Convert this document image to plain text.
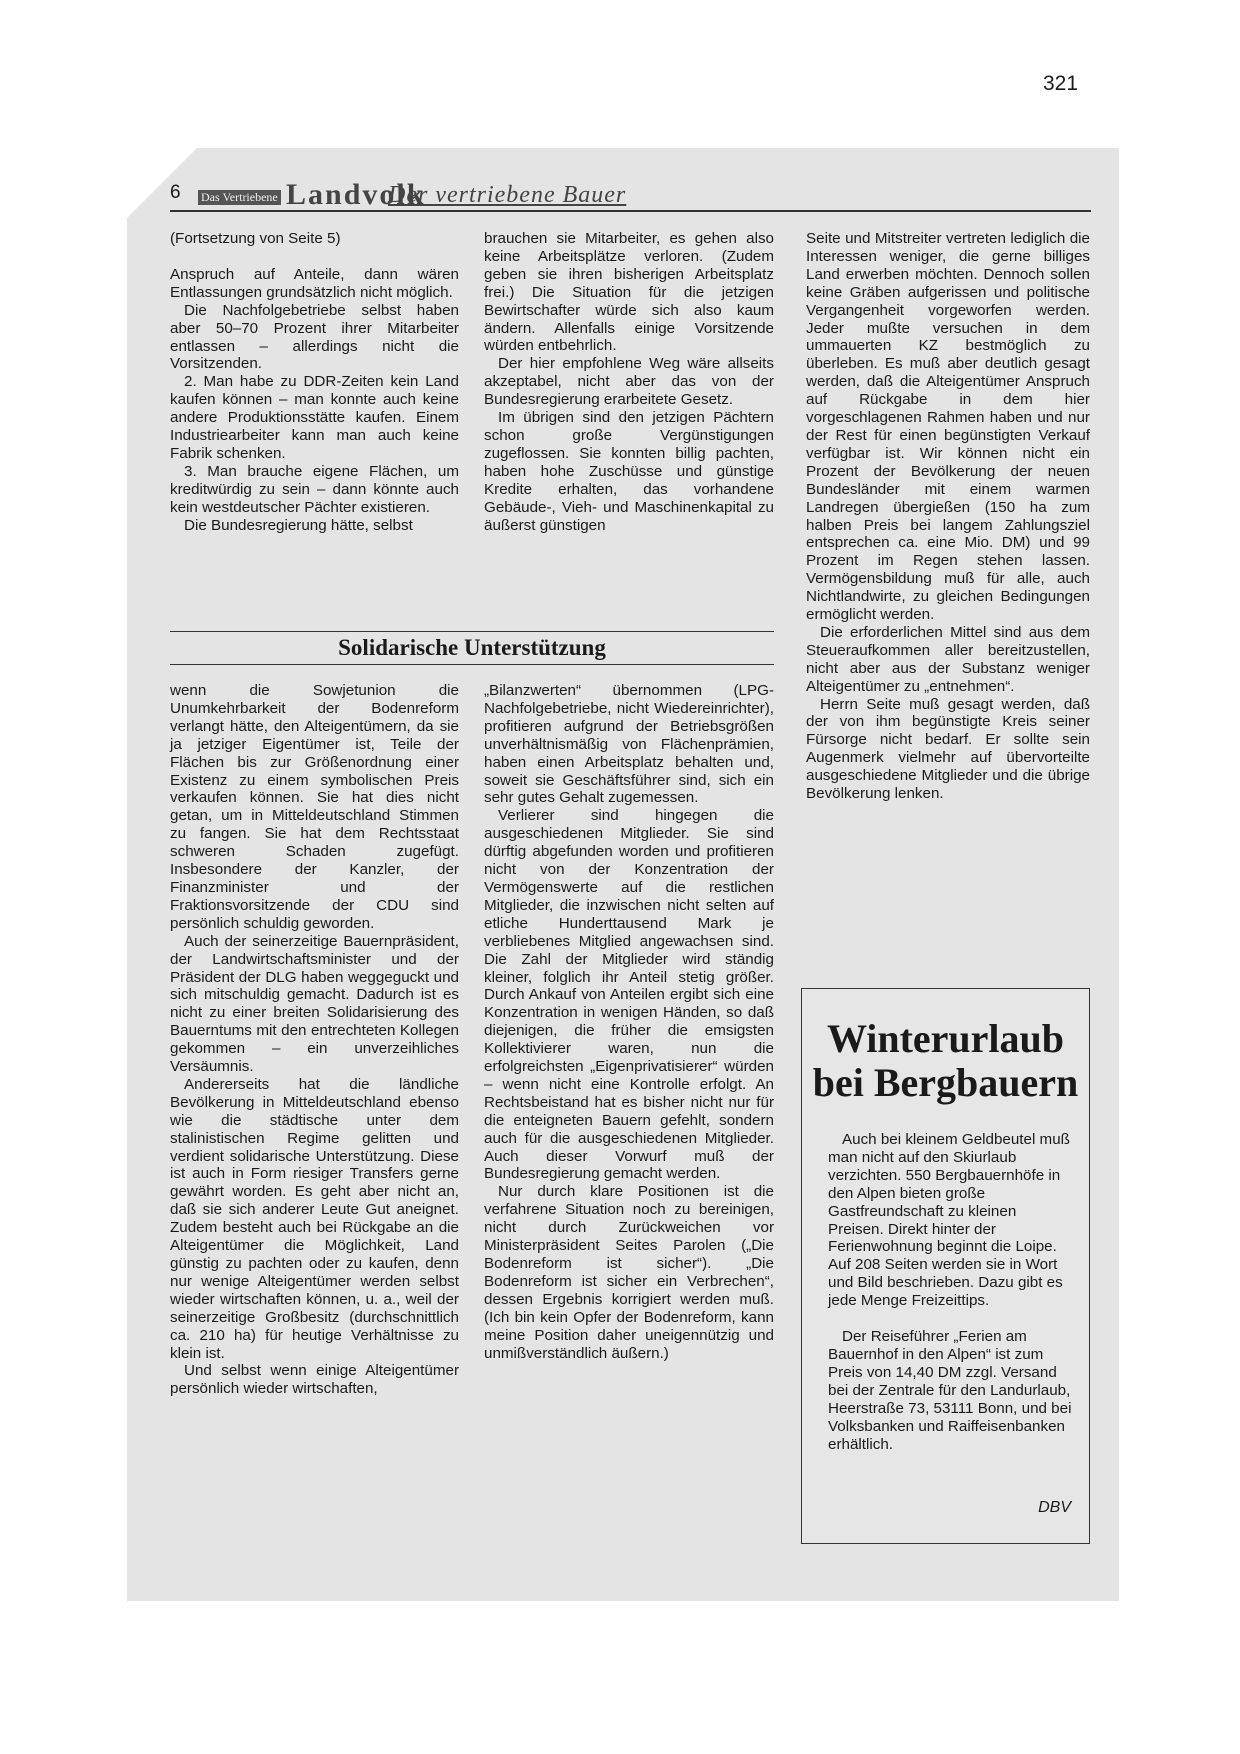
321
6 Das Vertriebene Landvolk
Der vertriebene Bauer

(Fortsetzung von Seite 5)

Anspruch auf Anteile, dann wären Entlassungen grundsätzlich nicht möglich.

Die Nachfolgebetriebe selbst haben aber 50–70 Prozent ihrer Mitarbeiter entlassen – allerdings nicht die Vorsitzenden.

2. Man habe zu DDR-Zeiten kein Land kaufen können – man konnte auch keine andere Produktionsstätte kaufen. Einem Industriearbeiter kann man auch keine Fabrik schenken.

3. Man brauche eigene Flächen, um kreditwürdig zu sein – dann könnte auch kein westdeutscher Pächter existieren.

Die Bundesregierung hätte, selbst

brauchen sie Mitarbeiter, es gehen also keine Arbeitsplätze verloren. (Zudem geben sie ihren bisherigen Arbeitsplatz frei.) Die Situation für die jetzigen Bewirtschafter würde sich also kaum ändern. Allenfalls einige Vorsitzende würden entbehrlich.

Der hier empfohlene Weg wäre allseits akzeptabel, nicht aber das von der Bundesregierung erarbeitete Gesetz.

Im übrigen sind den jetzigen Pächtern schon große Vergünstigungen zugeflossen. Sie konnten billig pachten, haben hohe Zuschüsse und günstige Kredite erhalten, das vorhandene Gebäude-, Vieh- und Maschinenkapital zu äußerst günstigen

Seite und Mitstreiter vertreten lediglich die Interessen weniger, die gerne billiges Land erwerben möchten. Dennoch sollen keine Gräben aufgerissen und politische Vergangenheit vorgeworfen werden. Jeder mußte versuchen in dem ummauerten KZ bestmöglich zu überleben. Es muß aber deutlich gesagt werden, daß die Alteigentümer Anspruch auf Rückgabe in dem hier vorgeschlagenen Rahmen haben und nur der Rest für einen begünstigten Verkauf verfügbar ist. Wir können nicht ein Prozent der Bevölkerung der neuen Bundesländer mit einem warmen Landregen übergießen (150 ha zum halben Preis bei langem Zahlungsziel entsprechen ca. eine Mio. DM) und 99 Prozent im Regen stehen lassen. Vermögensbildung muß für alle, auch Nichtlandwirte, zu gleichen Bedingungen ermöglicht werden.

Die erforderlichen Mittel sind aus dem Steueraufkommen aller bereitzustellen, nicht aber aus der Substanz weniger Alteigentümer zu „entnehmen“.

Herrn Seite muß gesagt werden, daß der von ihm begünstigte Kreis seiner Fürsorge nicht bedarf. Er sollte sein Augenmerk vielmehr auf übervorteilte ausgeschiedene Mitglieder und die übrige Bevölkerung lenken.

Solidarische Unterstützung

wenn die Sowjetunion die Unumkehrbarkeit der Bodenreform verlangt hätte, den Alteigentümern, da sie ja jetziger Eigentümer ist, Teile der Flächen bis zur Größenordnung einer Existenz zu einem symbolischen Preis verkaufen können. Sie hat dies nicht getan, um in Mitteldeutschland Stimmen zu fangen. Sie hat dem Rechtsstaat schweren Schaden zugefügt. Insbesondere der Kanzler, der Finanzminister und der Fraktionsvorsitzende der CDU sind persönlich schuldig geworden.

Auch der seinerzeitige Bauernpräsident, der Landwirtschaftsminister und der Präsident der DLG haben weggeguckt und sich mitschuldig gemacht. Dadurch ist es nicht zu einer breiten Solidarisierung des Bauerntums mit den entrechteten Kollegen gekommen – ein unverzeihliches Versäumnis.

Andererseits hat die ländliche Bevölkerung in Mitteldeutschland ebenso wie die städtische unter dem stalinistischen Regime gelitten und verdient solidarische Unterstützung. Diese ist auch in Form riesiger Transfers gerne gewährt worden. Es geht aber nicht an, daß sie sich anderer Leute Gut aneignet. Zudem besteht auch bei Rückgabe an die Alteigentümer die Möglichkeit, Land günstig zu pachten oder zu kaufen, denn nur wenige Alteigentümer werden selbst wieder wirtschaften können, u. a., weil der seinerzeitige Großbesitz (durchschnittlich ca. 210 ha) für heutige Verhältnisse zu klein ist.

Und selbst wenn einige Alteigentümer persönlich wieder wirtschaften,

„Bilanzwerten“ übernommen (LPG-Nachfolgebetriebe, nicht Wiedereinrichter), profitieren aufgrund der Betriebsgrößen unverhältnismäßig von Flächenprämien, haben einen Arbeitsplatz behalten und, soweit sie Geschäftsführer sind, sich ein sehr gutes Gehalt zugemessen.

Verlierer sind hingegen die ausgeschiedenen Mitglieder. Sie sind dürftig abgefunden worden und profitieren nicht von der Konzentration der Vermögenswerte auf die restlichen Mitglieder, die inzwischen nicht selten auf etliche Hunderttausend Mark je verbliebenes Mitglied angewachsen sind. Die Zahl der Mitglieder wird ständig kleiner, folglich ihr Anteil stetig größer. Durch Ankauf von Anteilen ergibt sich eine Konzentration in wenigen Händen, so daß diejenigen, die früher die emsigsten Kollektivierer waren, nun die erfolgreichsten „Eigenprivatisierer“ würden – wenn nicht eine Kontrolle erfolgt. An Rechtsbeistand hat es bisher nicht nur für die enteigneten Bauern gefehlt, sondern auch für die ausgeschiedenen Mitglieder. Auch dieser Vorwurf muß der Bundesregierung gemacht werden.

Nur durch klare Positionen ist die verfahrene Situation noch zu bereinigen, nicht durch Zurückweichen vor Ministerpräsident Seites Parolen („Die Bodenreform ist sicher“). „Die Bodenreform ist sicher ein Verbrechen“, dessen Ergebnis korrigiert werden muß. (Ich bin kein Opfer der Bodenreform, kann meine Position daher uneigennützig und unmißverständlich äußern.)

Winterurlaub
bei Bergbauern

Auch bei kleinem Geldbeutel muß man nicht auf den Skiurlaub verzichten. 550 Bergbauernhöfe in den Alpen bieten große Gastfreundschaft zu kleinen Preisen. Direkt hinter der Ferienwohnung beginnt die Loipe. Auf 208 Seiten werden sie in Wort und Bild beschrieben. Dazu gibt es jede Menge Freizeittips.

Der Reiseführer „Ferien am Bauernhof in den Alpen“ ist zum Preis von 14,40 DM zzgl. Versand bei der Zentrale für den Landurlaub, Heerstraße 73, 53111 Bonn, und bei Volksbanken und Raiffeisenbanken erhältlich.

DBV
